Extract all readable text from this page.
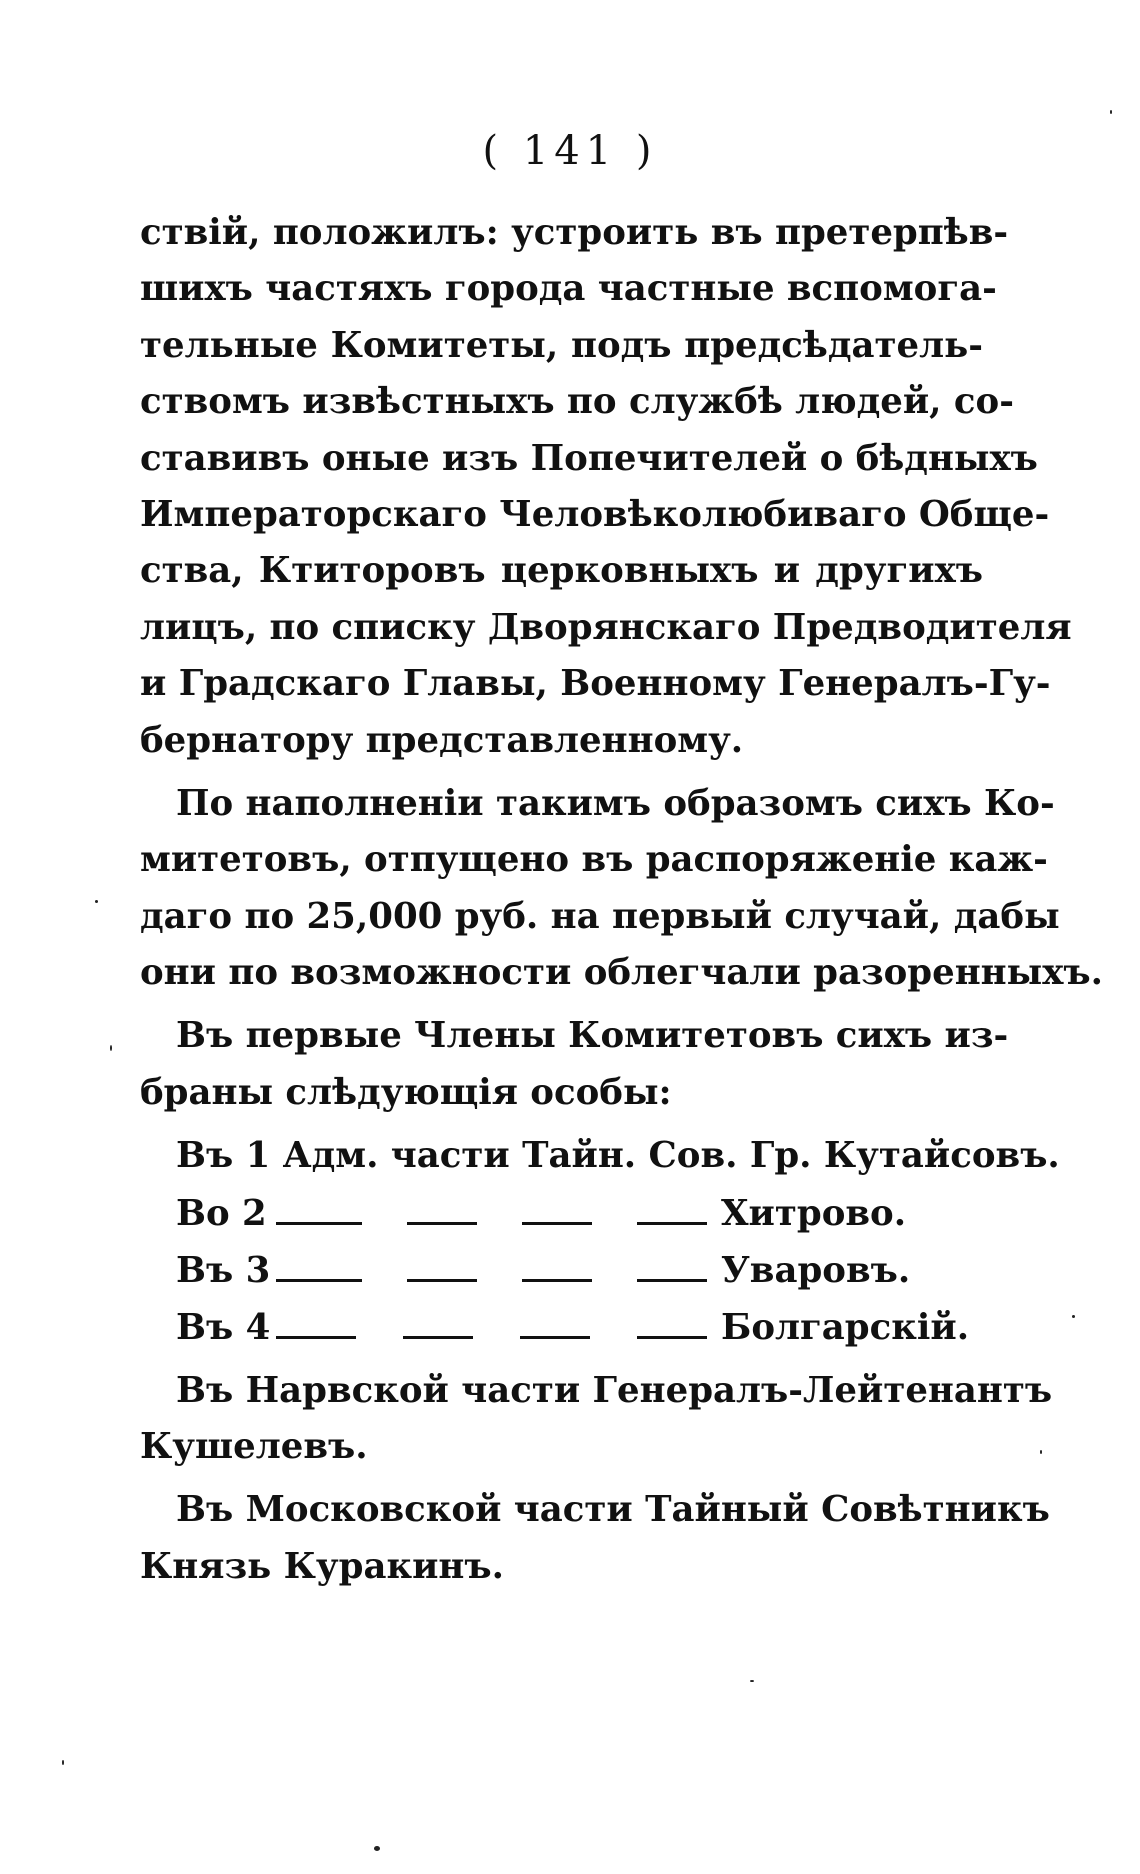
( 141 )
ствій, положилъ: устроить въ претерпѣв-
шихъ частяхъ города частные вспомога-
тельные Комитеты, подъ предсѣдатель-
ствомъ извѣстныхъ по службѣ людей, со-
ставивъ оные изъ Попечителей о бѣдныхъ
Императорскаго Человѣколюбиваго Обще-
ства, Ктиторовъ церковныхъ и другихъ
лицъ, по списку Дворянскаго Предводителя
и Градскаго Главы, Военному Генералъ-Гу-
бернатору представленному.
По наполненіи такимъ образомъ сихъ Ко-
митетовъ, отпущено въ распоряженіе каж-
даго по 25,000 руб. на первый случай, дабы
они по возможности облегчали разоренныхъ.
Въ первые Члены Комитетовъ сихъ из-
браны слѣдующія особы:
Въ 1 Адм. части Тайн. Сов. Гр. Кутайсовъ.
Во 2	Хитрово.
Въ 3	Уваровъ.
Въ 4	Болгарскій.
Въ Нарвской части Генералъ-Лейтенантъ
Кушелевъ.
Въ Московской части Тайный Совѣтникъ
Князь Куракинъ.
